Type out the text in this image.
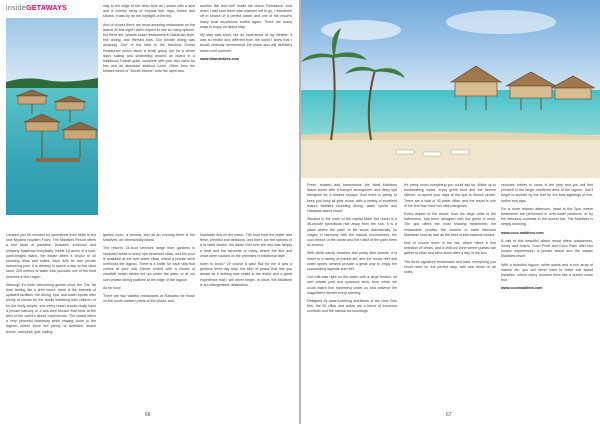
insideGETAWAYS	way to the edge of the deep blue as I swam with a seal and a colorful array of tropical fish, rays, turtles and sharks. It was by far the highlight of the trip.

And of course there are more amazing restaurants on the island! At first sight I didn't expect to see so many options, but there are. Islands boast restaurants in Maldivian style, fine dining, and themed bars. Our private dining was amazing. One of the best is the fabulous Ocean Restaurant which takes a small group out for a whole day's sailing and snorkelling around an island in a traditional Turkish gulet, complete with your own cabin for two and an abundant seafood lunch. Other from the brilliant views of "Monte Marine" onto the open sea.

another fish and chill" made me check: Reminisce. Just when I was sure there was nowhere left to go, I wandered off in search of a perfect watch and one of the resort's many boat excursions ended again. There are many ways to enjoy an island stay.

My stay was short, but an experience of my lifetime: it was so restful and different from the world I knew that I would certainly recommend the place and will definitely return next summer.

www.vilamaldives.com

Located just 90 minutes by speedboat from Male is the new Niyama Huvafen Fushi. The Maldives Resort offers a true taste of paradise: beautiful, luxurious and uniquely Maldivian hospitality. Inside 16 acres of a lush, palm-fringed island, the estate offers a choice of 40 stunning villas and suites, each with its own private swimming pool. It is dreamy to spend a day on the clear sand, 200 metres of water that provides one of the best beaches in the region.

Although it's been welcoming guests since the 70s, far from feeling like a tired resort, there is the freshest of updated facilities: the dining, spa, and water sports offer plenty of choice for the family travelling with children or for the lively couple, and every resort should really have a private balcony or a sea-view terrace that hints at the best of the world's island experiences. The island offers a very peaceful hideaway while staying close to the lagoon, where there are plenty of activities, beach tennis, volleyball, golf, sailing.

games room, a cinema, and as an evening there is the Maldives, an otherworldly island.

The resort's 24-hour services range from gardens in secluded areas to shiny spa treatment villas, and the pool is available at the over-water villas, where a private deck overlooks the lagoon. There is a butler for each villa that comes at your call. Dinner ended with a choice of candlelit beach tables set out under the stars, or at our own private dining platform at the edge of the lagoon.

As for food:

There are two tasteful restaurants at Rahadhu for those on the south-western parts of the island, and

Maldivian fish on the menu. The food from the buffet was fresh, plentiful and delicious, and there are the options of a la carte dishes: the Asian Grill over the sea was simply a treat and the favourite of many, where the fish and chips were cooked on the premises in traditional style.

Keen to book? Of course it was! But for me it was a glorious three-day stay: the kind of peace that lets you dream as if nothing else exists in the world, and a great experience that I will never forget. In short, the Maldives is an unforgettable destination.

66

Fresh, relaxed and harmonious, the ideal Maldives island resort with a tranquil atmosphere and deep spa therapies for a blissful escape. And there is plenty to keep you busy all year round, with a variety of excellent leisure facilities including diving, water sports and Hawaiian island resort.

Situated in the north of the capital Male, the resort is a 45-minute speedboat ride away from the hub. It is a place where the pace of life slows dramatically. Its lodges in harmony with the natural environment, the cool breeze of the ocean and the rustle of the palm trees all around.

With white sandy beaches and pretty little islands, it is home to a variety of marine life, and the house reef and water sports centres provide a great way to enjoy the surrounding lagoons and reef.

Our villa was right on the water with a large terrace, its own private pool and spacious deck, from which we could watch fish swimming under us and observe the magnificent sunset every evening.

Designed by award-winning architects of the New York firm, the 50 villas and suites are a blend of luxurious comforts and the natural surroundings.

It's pretty much everything you could ask for. Wake up to breathtaking views, enjoy great food and the serene silence, or spend your days at the spa or fitness centre. There are a total of 35 water villas, and the resort is one of the few that have two villa categories.

Every aspect of the resort, from the large villas to the bathrooms, has been designed with the guest in mind. The spa offers the most relaxing treatments; the restaurants provide the chance to taste fabulous Maldivian food as well as the best of international cuisine.

And of course there is the bar, which offers a fine selection of drinks, and a chill-out zone where guests can gather to relax and wind down after a day in the sun.

The three signature restaurants and bars: everything you could need for the perfect stay, with sea views on all sides.

ventures further to come in the jetty and you will find yourself in the larger sheltered area of the lagoon. Don't forget to snorkel by the reef for the best sightings of fish, turtles and rays.

For a more relaxed afternoon, head to the Spa, where treatments are performed in over-water pavilions, or try the delicious cocktails in the sunset bar. The Maldives is simply stunning.

www.coco-maldives.com

A visit to this beautiful island resort offers uniqueness, luxury and charm. Coco Privé and Coco Palm offer two unique experiences: a private island and the classic Maldives resort.

With a beautiful lagoon, white sands and a rich array of marine life, you will never want to leave this island paradise, where every moment feels like a dream come true.

www.cocomaldives.com

67
